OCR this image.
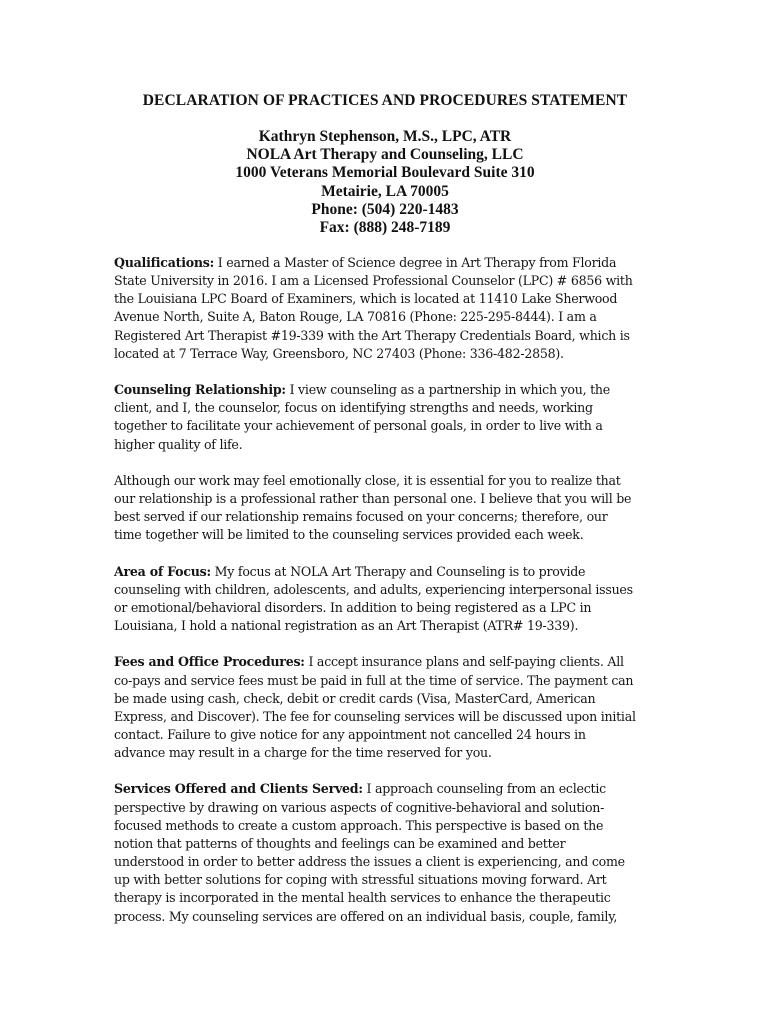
DECLARATION OF PRACTICES AND PROCEDURES STATEMENT
Kathryn Stephenson, M.S., LPC, ATR
NOLA Art Therapy and Counseling, LLC
1000 Veterans Memorial Boulevard Suite 310
Metairie, LA 70005
Phone: (504) 220-1483
Fax: (888) 248-7189
Qualifications: I earned a Master of Science degree in Art Therapy from Florida
State University in 2016. I am a Licensed Professional Counselor (LPC) # 6856 with
the Louisiana LPC Board of Examiners, which is located at 11410 Lake Sherwood
Avenue North, Suite A, Baton Rouge, LA 70816 (Phone: 225-295-8444). I am a
Registered Art Therapist #19-339 with the Art Therapy Credentials Board, which is
located at 7 Terrace Way, Greensboro, NC 27403 (Phone: 336-482-2858).
Counseling Relationship: I view counseling as a partnership in which you, the
client, and I, the counselor, focus on identifying strengths and needs, working
together to facilitate your achievement of personal goals, in order to live with a
higher quality of life.
Although our work may feel emotionally close, it is essential for you to realize that
our relationship is a professional rather than personal one. I believe that you will be
best served if our relationship remains focused on your concerns; therefore, our
time together will be limited to the counseling services provided each week.
Area of Focus: My focus at NOLA Art Therapy and Counseling is to provide
counseling with children, adolescents, and adults, experiencing interpersonal issues
or emotional/behavioral disorders. In addition to being registered as a LPC in
Louisiana, I hold a national registration as an Art Therapist (ATR# 19-339).
Fees and Office Procedures: I accept insurance plans and self-paying clients. All
co-pays and service fees must be paid in full at the time of service. The payment can
be made using cash, check, debit or credit cards (Visa, MasterCard, American
Express, and Discover). The fee for counseling services will be discussed upon initial
contact. Failure to give notice for any appointment not cancelled 24 hours in
advance may result in a charge for the time reserved for you.
Services Offered and Clients Served: I approach counseling from an eclectic
perspective by drawing on various aspects of cognitive-behavioral and solution-
focused methods to create a custom approach. This perspective is based on the
notion that patterns of thoughts and feelings can be examined and better
understood in order to better address the issues a client is experiencing, and come
up with better solutions for coping with stressful situations moving forward. Art
therapy is incorporated in the mental health services to enhance the therapeutic
process. My counseling services are offered on an individual basis, couple, family,
